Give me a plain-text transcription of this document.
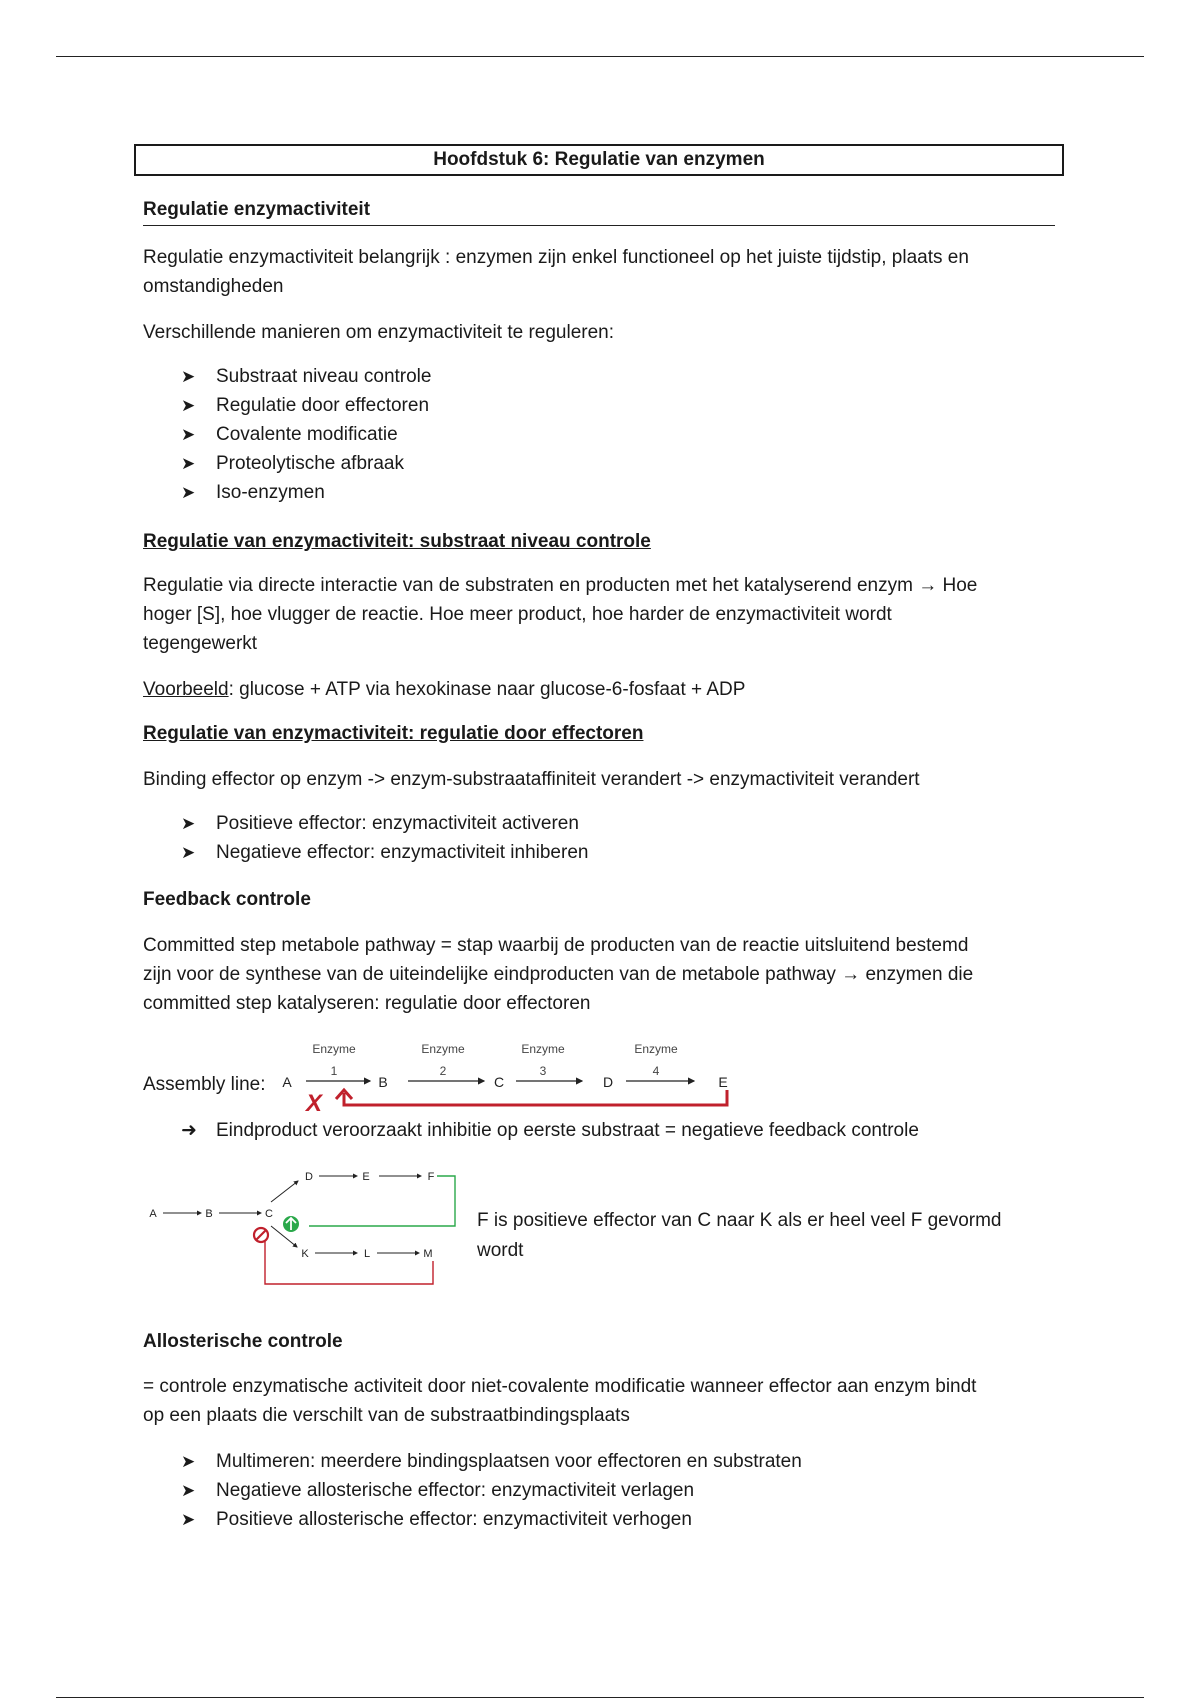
Hoofdstuk 6: Regulatie van enzymen
Regulatie enzymactiviteit
Regulatie enzymactiviteit belangrijk : enzymen zijn enkel functioneel op het juiste tijdstip, plaats en
omstandigheden
Verschillende manieren om enzymactiviteit te reguleren:
➤ Substraat niveau controle
➤ Regulatie door effectoren
➤ Covalente modificatie
➤ Proteolytische afbraak
➤ Iso-enzymen
Regulatie van enzymactiviteit: substraat niveau controle
Regulatie via directe interactie van de substraten en producten met het katalyserend enzym → Hoe
hoger [S], hoe vlugger de reactie. Hoe meer product, hoe harder de enzymactiviteit wordt
tegengewerkt
Voorbeeld: glucose + ATP via hexokinase naar glucose-6-fosfaat + ADP
Regulatie van enzymactiviteit: regulatie door effectoren
Binding effector op enzym -> enzym-substraataffiniteit verandert -> enzymactiviteit verandert
➤ Positieve effector: enzymactiviteit activeren
➤ Negatieve effector: enzymactiviteit inhiberen
Feedback controle
Committed step metabole pathway = stap waarbij de producten van de reactie uitsluitend bestemd
zijn voor de synthese van de uiteindelijke eindproducten van de metabole pathway → enzymen die
committed step katalyseren: regulatie door effectoren
Assembly line:
➜ Eindproduct veroorzaakt inhibitie op eerste substraat = negatieve feedback controle
F is positieve effector van C naar K als er heel veel F gevormd
wordt
Allosterische controle
= controle enzymatische activiteit door niet-covalente modificatie wanneer effector aan enzym bindt
op een plaats die verschilt van de substraatbindingsplaats
➤ Multimeren: meerdere bindingsplaatsen voor effectoren en substraten
➤ Negatieve allosterische effector: enzymactiviteit verlagen
➤ Positieve allosterische effector: enzymactiviteit verhogen
Enzyme	Enzyme	Enzyme	Enzyme
1	2	3	4
A	B	C	D	E
X
A	B	C
D	E	F
K	L	M
